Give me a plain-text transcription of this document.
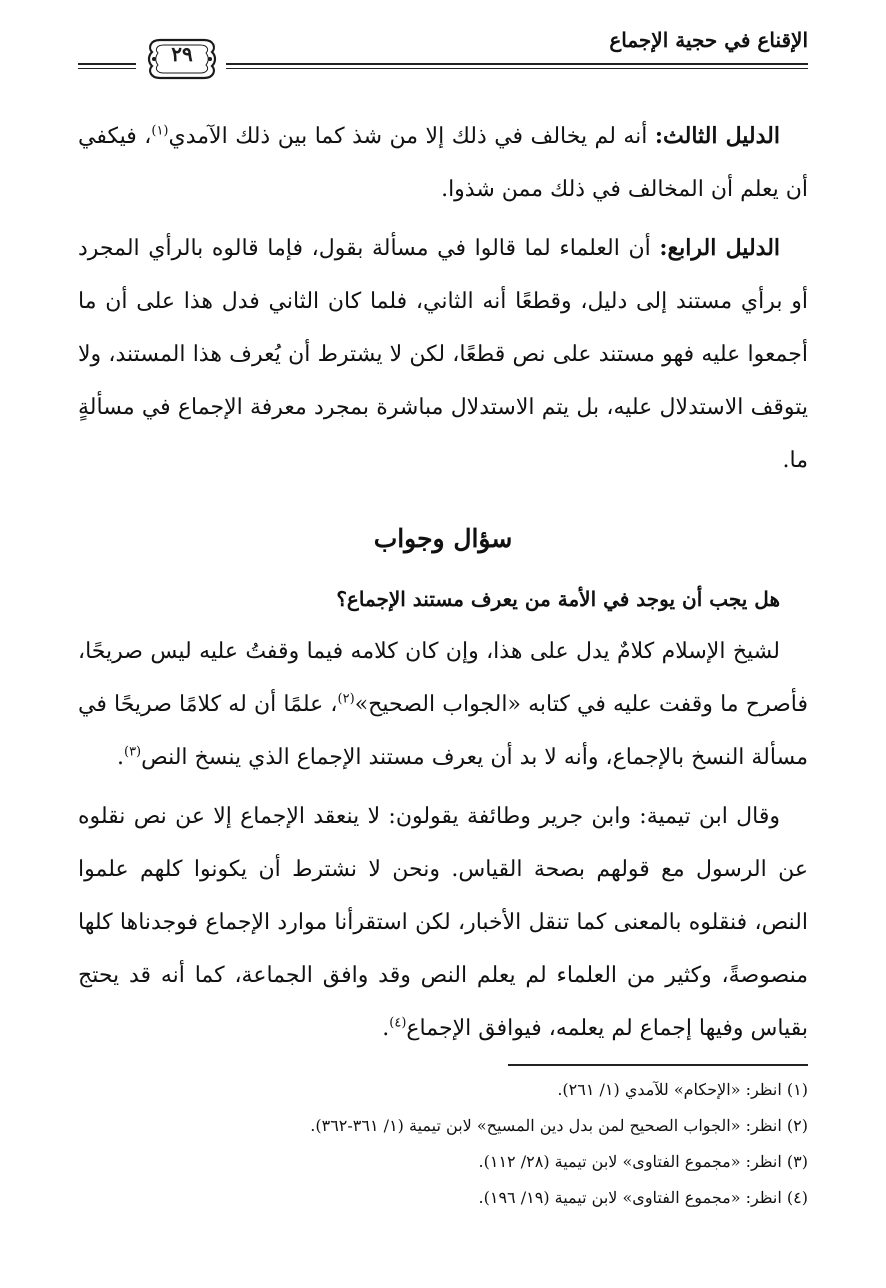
الإقناع في حجية الإجماع
٢٩

الدليل الثالث: أنه لم يخالف في ذلك إلا من شذ كما بين ذلك الآمدي$^{(١)}$، فيكفي أن يعلم أن المخالف في ذلك ممن شذوا.

الدليل الرابع: أن العلماء لما قالوا في مسألة بقول، فإما قالوه بالرأي المجرد أو برأي مستند إلى دليل، وقطعًا أنه الثاني، فلما كان الثاني فدل هذا على أن ما أجمعوا عليه فهو مستند على نص قطعًا، لكن لا يشترط أن يُعرف هذا المستند، ولا يتوقف الاستدلال عليه، بل يتم الاستدلال مباشرة بمجرد معرفة الإجماع في مسألةٍ ما.

سؤال وجواب
هل يجب أن يوجد في الأمة من يعرف مستند الإجماع؟

لشيخ الإسلام كلامٌ يدل على هذا، وإن كان كلامه فيما وقفتُ عليه ليس صريحًا، فأصرح ما وقفت عليه في كتابه «الجواب الصحيح»$^{(٢)}$، علمًا أن له كلامًا صريحًا في مسألة النسخ بالإجماع، وأنه لا بد أن يعرف مستند الإجماع الذي ينسخ النص$^{(٣)}$.

وقال ابن تيمية: وابن جرير وطائفة يقولون: لا ينعقد الإجماع إلا عن نص نقلوه عن الرسول مع قولهم بصحة القياس. ونحن لا نشترط أن يكونوا كلهم علموا النص، فنقلوه بالمعنى كما تنقل الأخبار، لكن استقرأنا موارد الإجماع فوجدناها كلها منصوصةً، وكثير من العلماء لم يعلم النص وقد وافق الجماعة، كما أنه قد يحتج بقياس وفيها إجماع لم يعلمه، فيوافق الإجماع$^{(٤)}$.

(١) انظر: «الإحكام» للآمدي (١/ ٢٦١).
(٢) انظر: «الجواب الصحيح لمن بدل دين المسيح» لابن تيمية (١/ ٣٦١-٣٦٢).
(٣) انظر: «مجموع الفتاوى» لابن تيمية (٢٨/ ١١٢).
(٤) انظر: «مجموع الفتاوى» لابن تيمية (١٩/ ١٩٦).
